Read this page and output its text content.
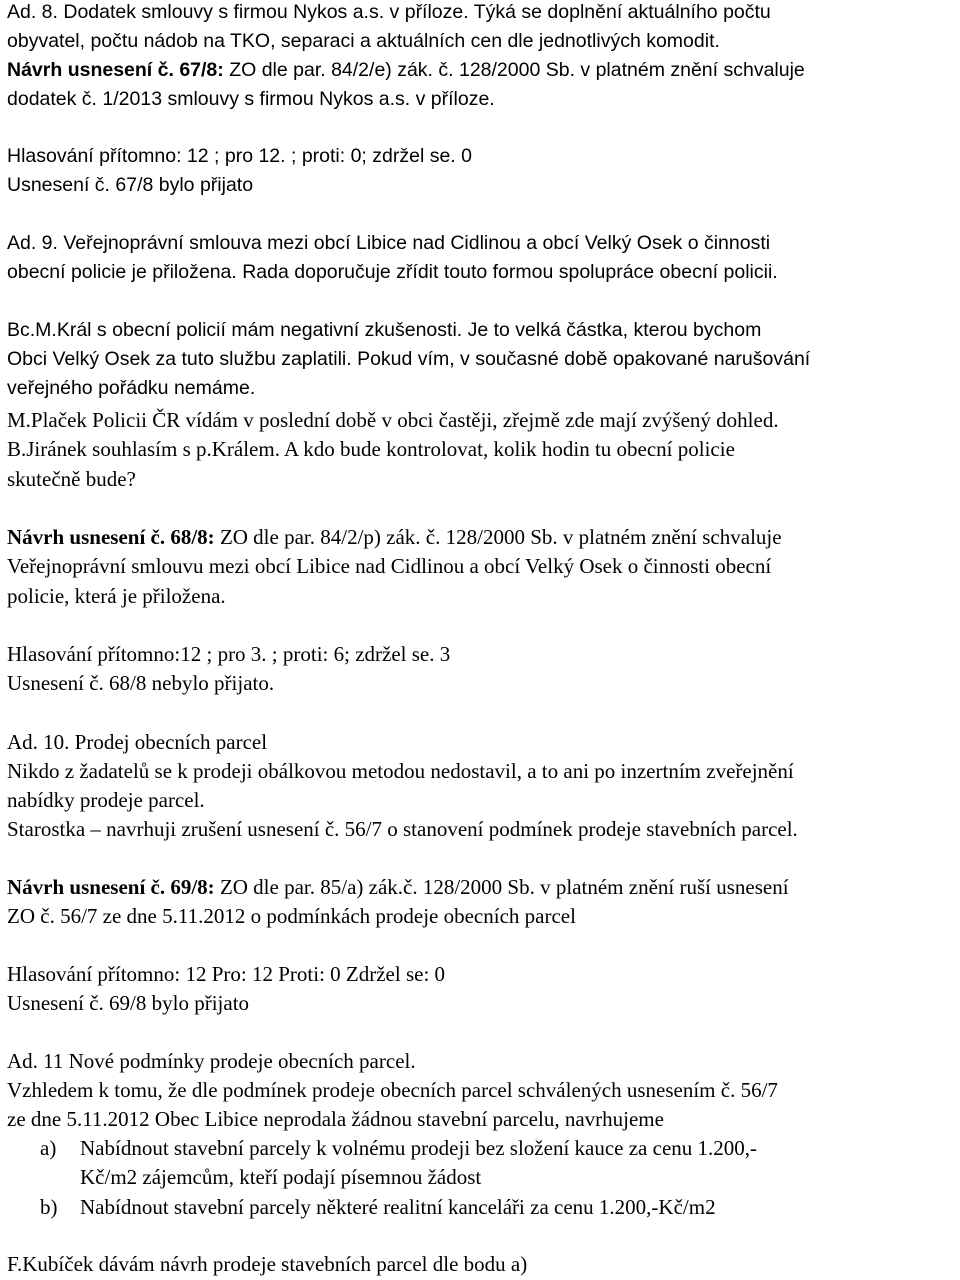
Ad. 8. Dodatek smlouvy s firmou Nykos a.s. v příloze. Týká se doplnění aktuálního počtu
obyvatel, počtu nádob na TKO, separaci a aktuálních cen dle jednotlivých komodit.
Návrh usnesení č. 67/8: ZO dle par. 84/2/e) zák. č. 128/2000 Sb. v platném znění schvaluje
dodatek č. 1/2013 smlouvy s firmou Nykos a.s. v příloze.
Hlasování přítomno: 12 ; pro 12. ; proti: 0; zdržel se. 0
Usnesení č. 67/8 bylo přijato
Ad. 9. Veřejnoprávní smlouva mezi obcí Libice nad Cidlinou a obcí Velký Osek o činnosti
obecní policie je přiložena. Rada doporučuje zřídit touto formou spolupráce obecní policii.
Bc.M.Král s obecní policií mám negativní zkušenosti. Je to velká částka, kterou bychom
Obci Velký Osek za tuto službu zaplatili. Pokud vím, v současné době opakované narušování
veřejného pořádku nemáme.
M.Plaček Policii ČR vídám v poslední době v obci častěji, zřejmě zde mají zvýšený dohled.
B.Jiránek souhlasím s p.Králem. A kdo bude kontrolovat, kolik hodin tu obecní policie
skutečně bude?
Návrh usnesení č. 68/8: ZO dle par. 84/2/p) zák. č. 128/2000 Sb. v platném znění schvaluje
Veřejnoprávní smlouvu mezi obcí Libice nad Cidlinou a obcí Velký Osek o činnosti obecní
policie, která je přiložena.
Hlasování přítomno:12 ; pro 3. ; proti: 6; zdržel se. 3
Usnesení č. 68/8 nebylo přijato.
Ad. 10. Prodej obecních parcel
Nikdo z žadatelů se k prodeji obálkovou metodou nedostavil, a to ani po inzertním zveřejnění
nabídky prodeje parcel.
Starostka – navrhuji zrušení usnesení č. 56/7 o stanovení podmínek prodeje stavebních parcel.
Návrh usnesení č. 69/8: ZO dle par. 85/a) zák.č. 128/2000 Sb. v platném znění ruší usnesení
ZO č. 56/7 ze dne 5.11.2012 o podmínkách prodeje obecních parcel
Hlasování přítomno: 12 Pro: 12 Proti: 0 Zdržel se: 0
Usnesení č. 69/8 bylo přijato
Ad. 11 Nové podmínky prodeje obecních parcel.
Vzhledem k tomu, že dle podmínek prodeje obecních parcel schválených usnesením č. 56/7
ze dne 5.11.2012 Obec Libice neprodala žádnou stavební parcelu, navrhujeme
a) Nabídnout stavební parcely k volnému prodeji bez složení kauce za cenu 1.200,-
Kč/m2 zájemcům, kteří podají písemnou žádost
b) Nabídnout stavební parcely některé realitní kanceláři za cenu 1.200,-Kč/m2
F.Kubíček dávám návrh prodeje stavebních parcel dle bodu a)
